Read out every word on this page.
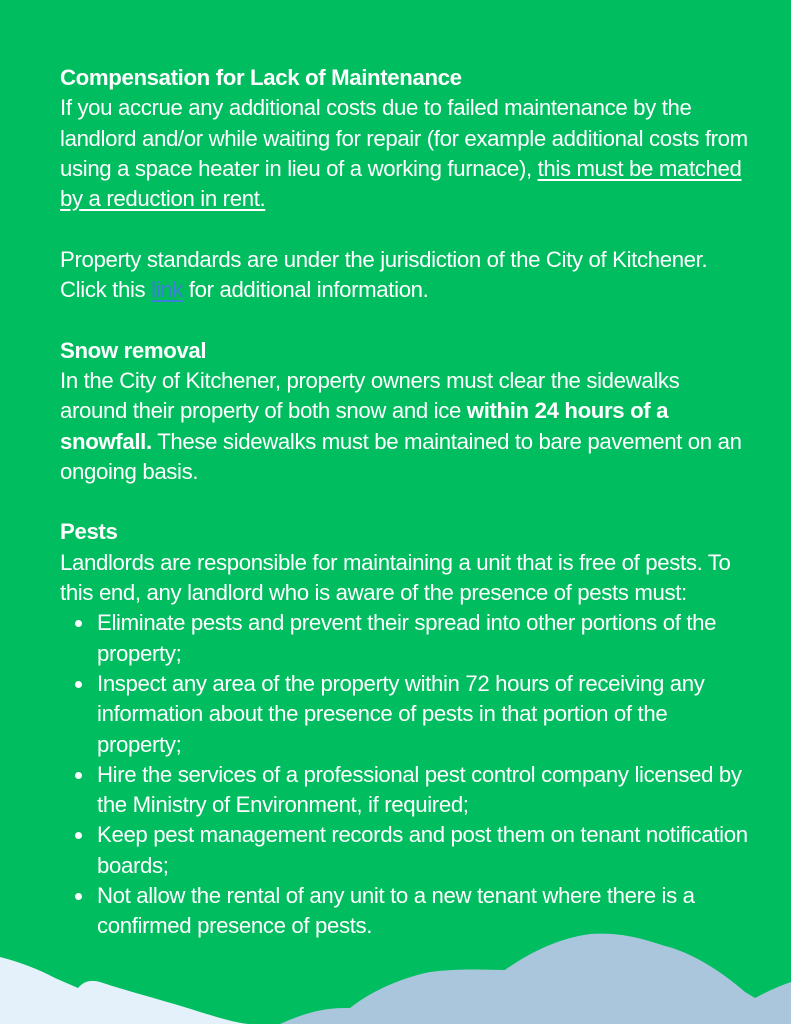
Compensation for Lack of Maintenance

If you accrue any additional costs due to failed maintenance by the landlord and/or while waiting for repair (for example additional costs from using a space heater in lieu of a working furnace), this must be matched by a reduction in rent.

Property standards are under the jurisdiction of the City of Kitchener. Click this link for additional information.

Snow removal

In the City of Kitchener, property owners must clear the sidewalks around their property of both snow and ice within 24 hours of a snowfall. These sidewalks must be maintained to bare pavement on an ongoing basis.

Pests

Landlords are responsible for maintaining a unit that is free of pests. To this end, any landlord who is aware of the presence of pests must:

Eliminate pests and prevent their spread into other portions of the property;
Inspect any area of the property within 72 hours of receiving any information about the presence of pests in that portion of the property;
Hire the services of a professional pest control company licensed by the Ministry of Environment, if required;
Keep pest management records and post them on tenant notification boards;
Not allow the rental of any unit to a new tenant where there is a confirmed presence of pests.
